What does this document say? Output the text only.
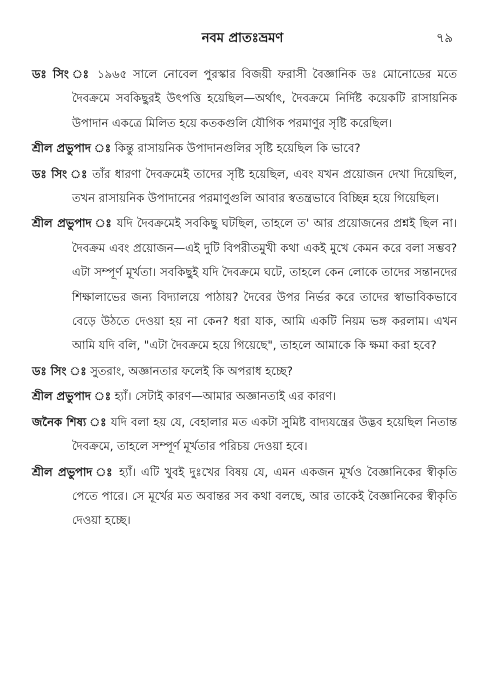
নবম প্রাতঃভ্রমণ	৭৯

ডঃ সিং ঃ ১৯৬৫ সালে নোবেল পুরস্কার বিজয়ী ফরাসী বৈজ্ঞানিক ডঃ মোনোডের মতে দৈবক্রমে সবকিছুরই উৎপত্তি হয়েছিল—অর্থাৎ, দৈবক্রমে নির্দিষ্ট কয়েকটি রাসায়নিক উপাদান একত্রে মিলিত হয়ে কতকগুলি যৌগিক পরমাণুর সৃষ্টি করেছিল।

শ্রীল প্রভুপাদ ঃ কিন্তু রাসায়নিক উপাদানগুলির সৃষ্টি হয়েছিল কি ভাবে?

ডঃ সিং ঃ তাঁর ধারণা দৈবক্রমেই তাদের সৃষ্টি হয়েছিল, এবং যখন প্রয়োজন দেখা দিয়েছিল, তখন রাসায়নিক উপাদানের পরমাণুগুলি আবার স্বতন্ত্রভাবে বিচ্ছিন্ন হয়ে গিয়েছিল।

শ্রীল প্রভুপাদ ঃ যদি দৈবক্রমেই সবকিছু ঘটছিল, তাহলে ত' আর প্রয়োজনের প্রশ্নই ছিল না। দৈবক্রম এবং প্রয়োজন—এই দুটি বিপরীতমুখী কথা একই মুখে কেমন করে বলা সম্ভব? এটা সম্পূর্ণ মূর্খতা। সবকিছুই যদি দৈবক্রমে ঘটে, তাহলে কেন লোকে তাদের সন্তানদের শিক্ষালাভের জন্য বিদ্যালয়ে পাঠায়? দৈবের উপর নির্ভর করে তাদের স্বাভাবিকভাবে বেড়ে উঠতে দেওয়া হয় না কেন? ধরা যাক, আমি একটি নিয়ম ভঙ্গ করলাম। এখন আমি যদি বলি, "এটা দৈবক্রমে হয়ে গিয়েছে", তাহলে আমাকে কি ক্ষমা করা হবে?

ডঃ সিং ঃ সুতরাং, অজ্ঞানতার ফলেই কি অপরাধ হচ্ছে?

শ্রীল প্রভুপাদ ঃ হ্যাঁ। সেটাই কারণ—আমার অজ্ঞানতাই এর কারণ।

জনৈক শিষ্য ঃ যদি বলা হয় যে, বেহালার মত একটা সুমিষ্ট বাদ্যযন্ত্রের উদ্ভব হয়েছিল নিতান্ত দৈবক্রমে, তাহলে সম্পূর্ণ মূর্খতার পরিচয় দেওয়া হবে।

শ্রীল প্রভুপাদ ঃ হ্যাঁ। এটি খুবই দুঃখের বিষয় যে, এমন একজন মূর্খও বৈজ্ঞানিকের স্বীকৃতি পেতে পারে। সে মূর্খের মত অবান্তর সব কথা বলছে, আর তাকেই বৈজ্ঞানিকের স্বীকৃতি দেওয়া হচ্ছে।
